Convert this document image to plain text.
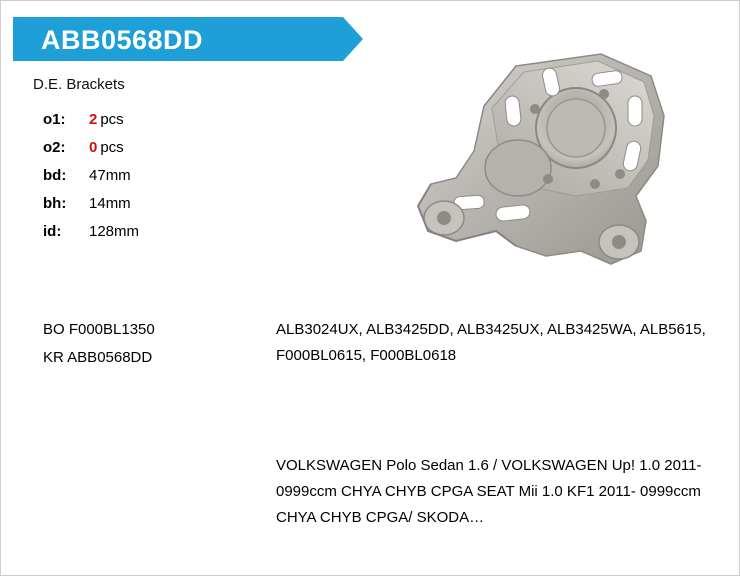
ABB0568DD
D.E. Brackets
o1:	2 pcs
o2:	0 pcs
bd:	47 mm
bh:	14 mm
id:	128 mm
BO F000BL1350
KR ABB0568DD
ALB3024UX, ALB3425DD, ALB3425UX, ALB3425WA, ALB5615, F000BL0615, F000BL0618
VOLKSWAGEN Polo Sedan 1.6 / VOLKSWAGEN Up! 1.0 2011- 0999ccm CHYA CHYB CPGA SEAT Mii 1.0 KF1 2011- 0999ccm CHYA CHYB CPGA/ SKODA…
